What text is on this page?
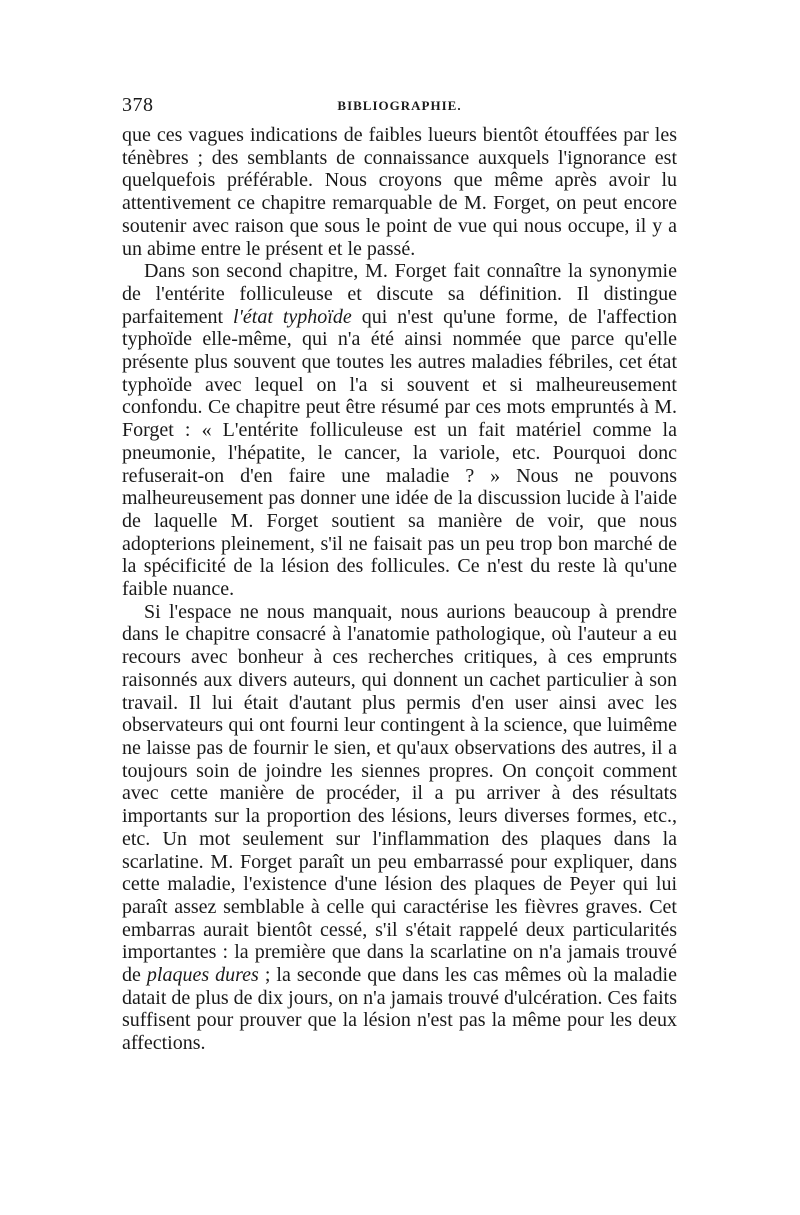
378	BIBLIOGRAPHIE.

que ces vagues indications de faibles lueurs bientôt étouffées par les ténèbres ; des semblants de connaissance auxquels l'ignorance est quelquefois préférable. Nous croyons que même après avoir lu attentivement ce chapitre remarquable de M. Forget, on peut encore soutenir avec raison que sous le point de vue qui nous occupe, il y a un abime entre le présent et le passé.

Dans son second chapitre, M. Forget fait connaître la synonymie de l'entérite folliculeuse et discute sa définition. Il distingue parfaitement l'état typhoïde qui n'est qu'une forme, de l'affection typhoïde elle-même, qui n'a été ainsi nommée que parce qu'elle présente plus souvent que toutes les autres maladies fébriles, cet état typhoïde avec lequel on l'a si souvent et si malheureusement confondu. Ce chapitre peut être résumé par ces mots empruntés à M. Forget : « L'entérite folliculeuse est un fait matériel comme la pneumonie, l'hépatite, le cancer, la variole, etc. Pourquoi donc refuserait-on d'en faire une maladie ? » Nous ne pouvons malheureusement pas donner une idée de la discussion lucide à l'aide de laquelle M. Forget soutient sa manière de voir, que nous adopterions pleinement, s'il ne faisait pas un peu trop bon marché de la spécificité de la lésion des follicules. Ce n'est du reste là qu'une faible nuance.

Si l'espace ne nous manquait, nous aurions beaucoup à prendre dans le chapitre consacré à l'anatomie pathologique, où l'auteur a eu recours avec bonheur à ces recherches critiques, à ces emprunts raisonnés aux divers auteurs, qui donnent un cachet particulier à son travail. Il lui était d'autant plus permis d'en user ainsi avec les observateurs qui ont fourni leur contingent à la science, que luimême ne laisse pas de fournir le sien, et qu'aux observations des autres, il a toujours soin de joindre les siennes propres. On conçoit comment avec cette manière de procéder, il a pu arriver à des résultats importants sur la proportion des lésions, leurs diverses formes, etc., etc. Un mot seulement sur l'inflammation des plaques dans la scarlatine. M. Forget paraît un peu embarrassé pour expliquer, dans cette maladie, l'existence d'une lésion des plaques de Peyer qui lui paraît assez semblable à celle qui caractérise les fièvres graves. Cet embarras aurait bientôt cessé, s'il s'était rappelé deux particularités importantes : la première que dans la scarlatine on n'a jamais trouvé de plaques dures ; la seconde que dans les cas mêmes où la maladie datait de plus de dix jours, on n'a jamais trouvé d'ulcération. Ces faits suffisent pour prouver que la lésion n'est pas la même pour les deux affections.
